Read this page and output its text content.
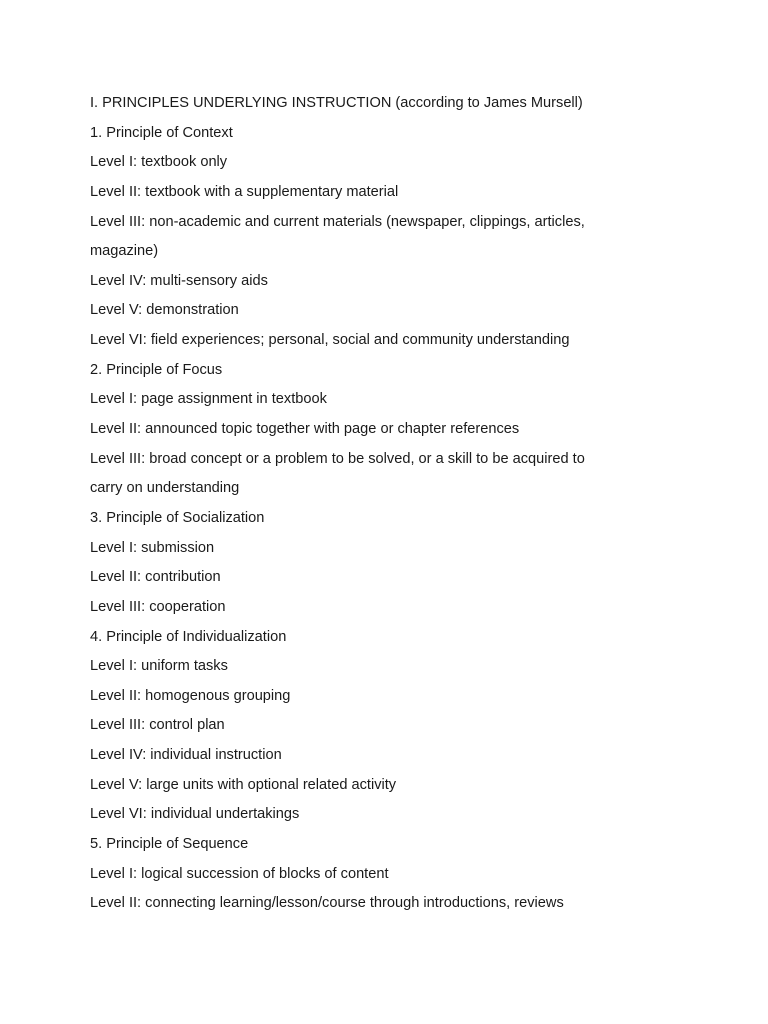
I. PRINCIPLES UNDERLYING INSTRUCTION (according to James Mursell)

1. Principle of Context

Level I: textbook only

Level II: textbook with a supplementary material

Level III: non-academic and current materials (newspaper, clippings, articles,

magazine)

Level IV: multi-sensory aids

Level V: demonstration

Level VI: field experiences; personal, social and community understanding

2. Principle of Focus

Level I: page assignment in textbook

Level II: announced topic together with page or chapter references

Level III: broad concept or a problem to be solved, or a skill to be acquired to

carry on understanding

3. Principle of Socialization

Level I: submission

Level II: contribution

Level III: cooperation

4. Principle of Individualization

Level I: uniform tasks

Level II: homogenous grouping

Level III: control plan

Level IV: individual instruction

Level V: large units with optional related activity

Level VI: individual undertakings

5. Principle of Sequence

Level I: logical succession of blocks of content

Level II: connecting learning/lesson/course through introductions, reviews
